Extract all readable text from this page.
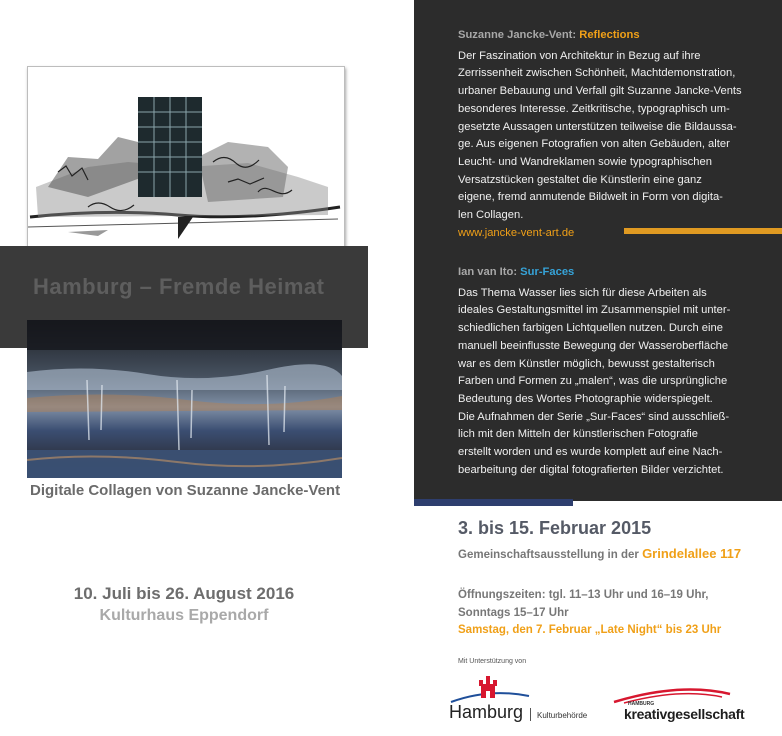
Hamburg – Fremde Heimat
Digitale Collagen von Suzanne Jancke-Vent
10. Juli bis 26. August 2016
Kulturhaus Eppendorf
Suzanne Jancke-Vent: Reflections
Der Faszination von Architektur in Bezug auf ihre
Zerrissenheit zwischen Schönheit, Machtdemonstration,
urbaner Bebauung und Verfall gilt Suzanne Jancke-Vents
besonderes Interesse. Zeitkritische, typographisch um-
gesetzte Aussagen unterstützen teilweise die Bildaussa-
ge. Aus eigenen Fotografien von alten Gebäuden, alter
Leucht- und Wandreklamen sowie typographischen
Versatzstücken gestaltet die Künstlerin eine ganz
eigene, fremd anmutende Bildwelt in Form von digita-
len Collagen.
www.jancke-vent-art.de
Ian van Ito: Sur-Faces
Das Thema Wasser lies sich für diese Arbeiten als
ideales Gestaltungsmittel im Zusammenspiel mit unter-
schiedlichen farbigen Lichtquellen nutzen. Durch eine
manuell beeinflusste Bewegung der Wasseroberfläche
war es dem Künstler möglich, bewusst gestalterisch
Farben und Formen zu „malen“, was die ursprüngliche
Bedeutung des Wortes Photographie widerspiegelt.
Die Aufnahmen der Serie „Sur-Faces“ sind ausschließ-
lich mit den Mitteln der künstlerischen Fotografie
erstellt worden und es wurde komplett auf eine Nach-
bearbeitung der digital fotografierten Bilder verzichtet.
3. bis 15. Februar 2015
Gemeinschaftsausstellung in der Grindelallee 117
Öffnungszeiten: tgl. 11–13 Uhr und 16–19 Uhr,
Sonntags 15–17 Uhr
Samstag, den 7. Februar „Late Night“ bis 23 Uhr
Mit Unterstützung von
Hamburg Kulturbehörde
HAMBURG
kreativgesellschaft
